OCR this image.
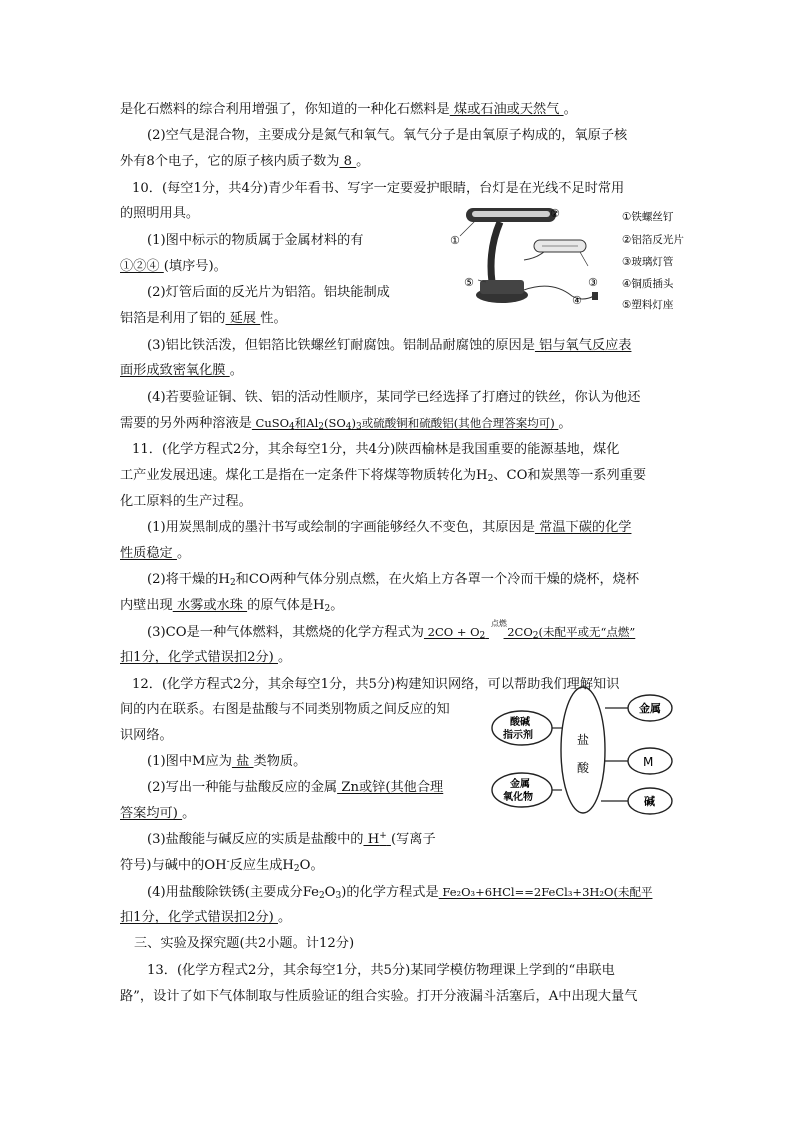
是化石燃料的综合利用增强了，你知道的一种化石燃料是 煤或石油或天然气 。
(2)空气是混合物，主要成分是氮气和氧气。氧气分子是由氧原子构成的，氧原子核
外有8个电子，它的原子核内质子数为 8 。
10．(每空1分，共4分)青少年看书、写字一定要爱护眼睛，台灯是在光线不足时常用
的照明用具。
(1)图中标示的物质属于金属材料的有
①②④ (填序号)。
(2)灯管后面的反光片为铝箔。铝块能制成
铝箔是利用了铝的 延展 性。
(3)铝比铁活泼，但铝箔比铁螺丝钉耐腐蚀。铝制品耐腐蚀的原因是 铝与氧气反应表
面形成致密氧化膜 。
(4)若要验证铜、铁、铝的活动性顺序，某同学已经选择了打磨过的铁丝，你认为他还
需要的另外两种溶液是 CuSO$_4$和$Al_2(SO_4)_3$或硫酸铜和硫酸铝(其他合理答案均可) 。
①
②
③
④
⑤
①铁螺丝钉
②铝箔反光片
③玻璃灯管
④铜质插头
⑤塑料灯座
11．(化学方程式2分，其余每空1分，共4分)陕西榆林是我国重要的能源基地，煤化
工产业发展迅速。煤化工是指在一定条件下将煤等物质转化为$H_2$、CO和炭黑等一系列重要
化工原料的生产过程。
(1)用炭黑制成的墨汁书写或绘制的字画能够经久不变色，其原因是 常温下碳的化学
性质稳定 。
(2)将干燥的$H_2$和CO两种气体分别点燃，在火焰上方各罩一个冷而干燥的烧杯，烧杯
内壁出现 水雾或水珠 的原气体是$H_2$。
(3)CO是一种气体燃料，其燃烧的化学方程式为 $2CO + O_2$
点燃
$2CO_2$(未配平或无“点燃”
扣1分，化学式错误扣2分) 。
12．(化学方程式2分，其余每空1分，共5分)构建知识网络，可以帮助我们理解知识
间的内在联系。右图是盐酸与不同类别物质之间反应的知
识网络。
(1)图中M应为 盐 类物质。
(2)写出一种能与盐酸反应的金属 Zn或锌(其他合理
答案均可) 。
(3)盐酸能与碱反应的实质是盐酸中的 H+ (写离子
符号)与碱中的OH-反应生成$H_2O$。
(4)用盐酸除铁锈(主要成分$Fe_2O_3$)的化学方程式是 Fe₂O₃+6HCl==2FeCl₃+3H₂O(未配平
扣1分，化学式错误扣2分) 。
盐
酸
酸碱
指示剂
金属
氧化物
金属
M
碱
三、实验及探究题(共2小题。计12分)
13．(化学方程式2分，其余每空1分，共5分)某同学模仿物理课上学到的“串联电
路”，设计了如下气体制取与性质验证的组合实验。打开分液漏斗活塞后，A中出现大量气
